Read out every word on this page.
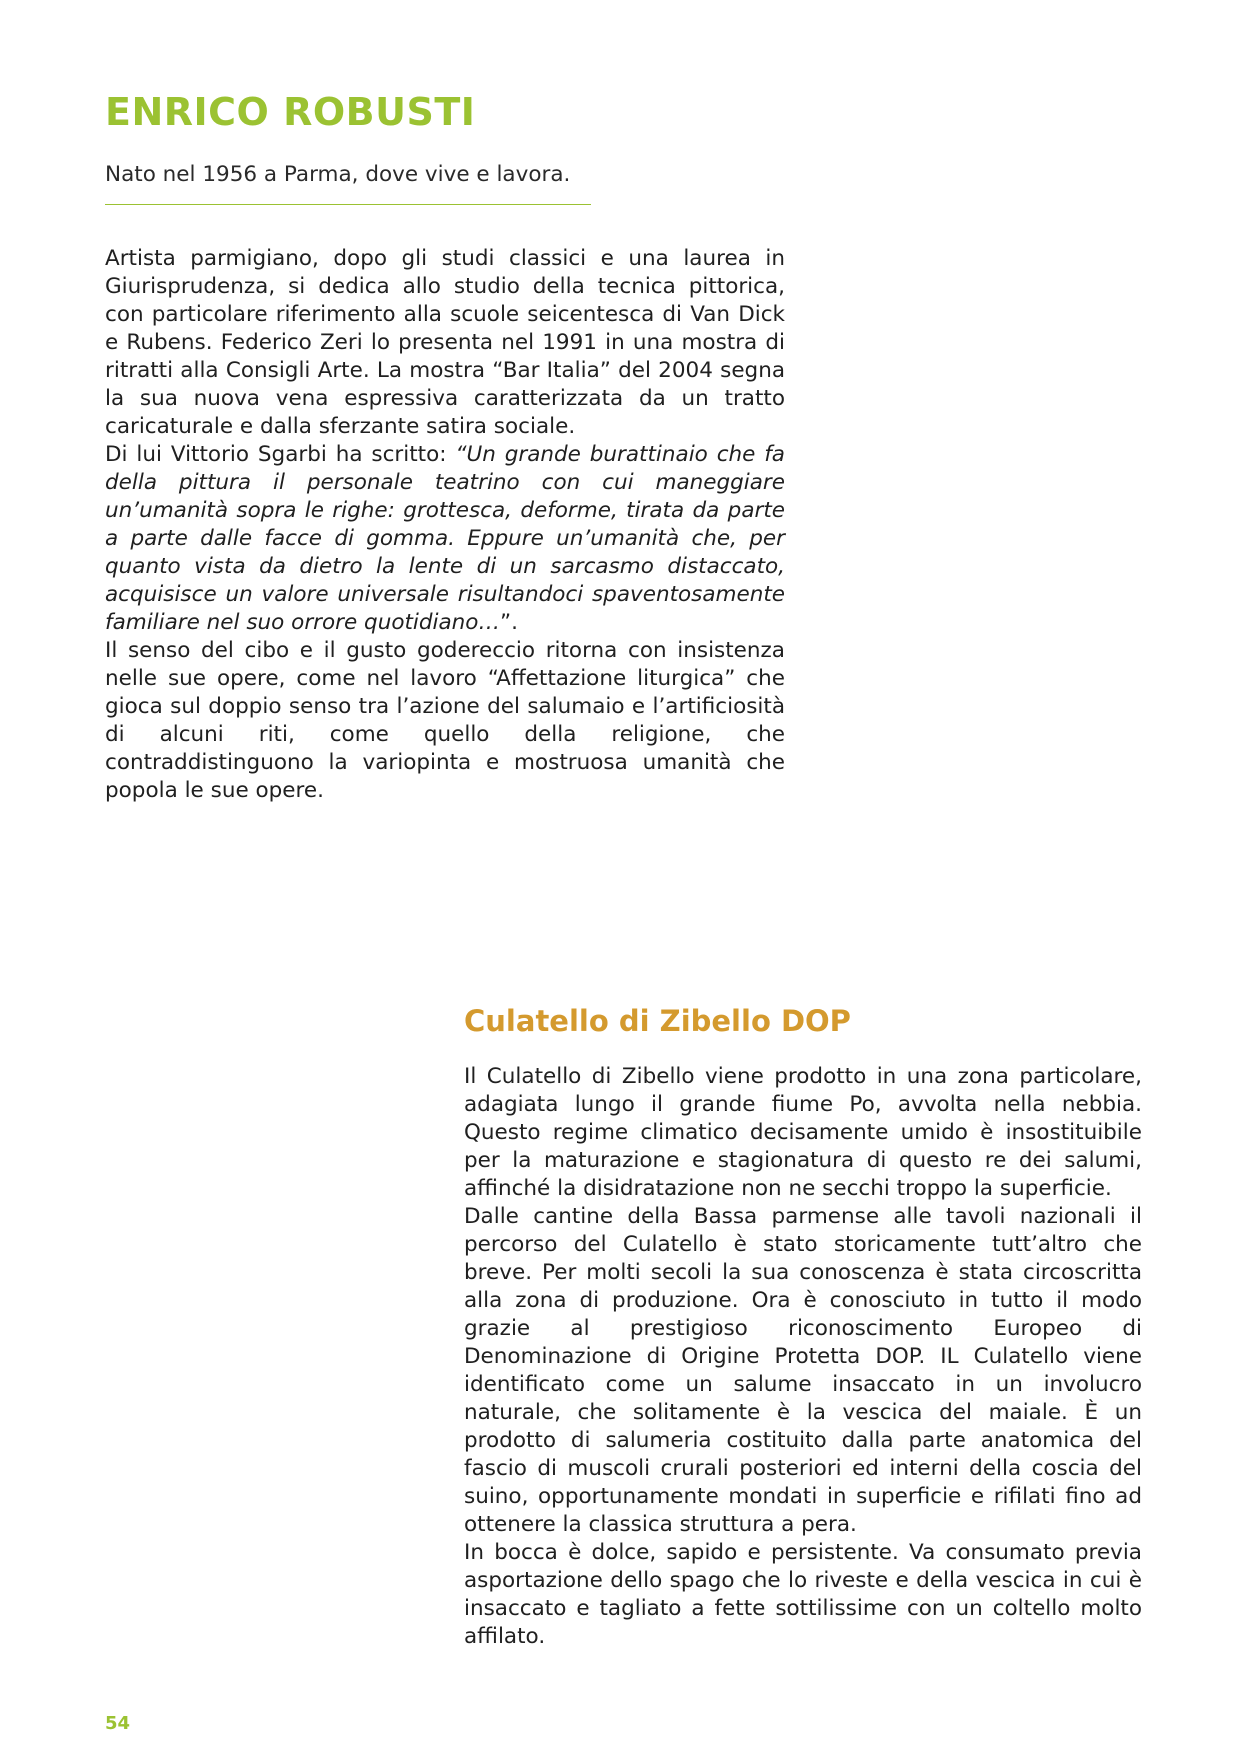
ENRICO ROBUSTI

Nato nel 1956 a Parma, dove vive e lavora.

Artista parmigiano, dopo gli studi classici e una laurea in Giurisprudenza, si dedica allo studio della tecnica pittorica, con particolare riferimento alla scuole seicentesca di Van Dick e Rubens. Federico Zeri lo presenta nel 1991 in una mostra di ritratti alla Consigli Arte. La mostra “Bar Italia” del 2004 segna la sua nuova vena espressiva caratterizzata da un tratto caricaturale e dalla sferzante satira sociale.

Di lui Vittorio Sgarbi ha scritto: “Un grande burattinaio che fa della pittura il personale teatrino con cui maneggiare un’umanità sopra le righe: grottesca, deforme, tirata da parte a parte dalle facce di gomma. Eppure un’umanità che, per quanto vista da dietro la lente di un sarcasmo distaccato, acquisisce un valore universale risultandoci spaventosamente familiare nel suo orrore quotidiano…”.

Il senso del cibo e il gusto godereccio ritorna con insistenza nelle sue opere, come nel lavoro “Affettazione liturgica” che gioca sul doppio senso tra l’azione del salumaio e l’artificiosità di alcuni riti, come quello della religione, che contraddistinguono la variopinta e mostruosa umanità che popola le sue opere.

Culatello di Zibello DOP

Il Culatello di Zibello viene prodotto in una zona particolare, adagiata lungo il grande fiume Po, avvolta nella nebbia. Questo regime climatico decisamente umido è insostituibile per la maturazione e stagionatura di questo re dei salumi, affinché la disidratazione non ne secchi troppo la superficie.

Dalle cantine della Bassa parmense alle tavoli nazionali il percorso del Culatello è stato storicamente tutt’altro che breve. Per molti secoli la sua conoscenza è stata circoscritta alla zona di produzione. Ora è conosciuto in tutto il modo grazie al prestigioso riconoscimento Europeo di Denominazione di Origine Protetta DOP. IL Culatello viene identificato come un salume insaccato in un involucro naturale, che solitamente è la vescica del maiale. È un prodotto di salumeria costituito dalla parte anatomica del fascio di muscoli crurali posteriori ed interni della coscia del suino, opportunamente mondati in superficie e rifilati fino ad ottenere la classica struttura a pera.

In bocca è dolce, sapido e persistente. Va consumato previa asportazione dello spago che lo riveste e della vescica in cui è insaccato e tagliato a fette sottilissime con un coltello molto affilato.

54
